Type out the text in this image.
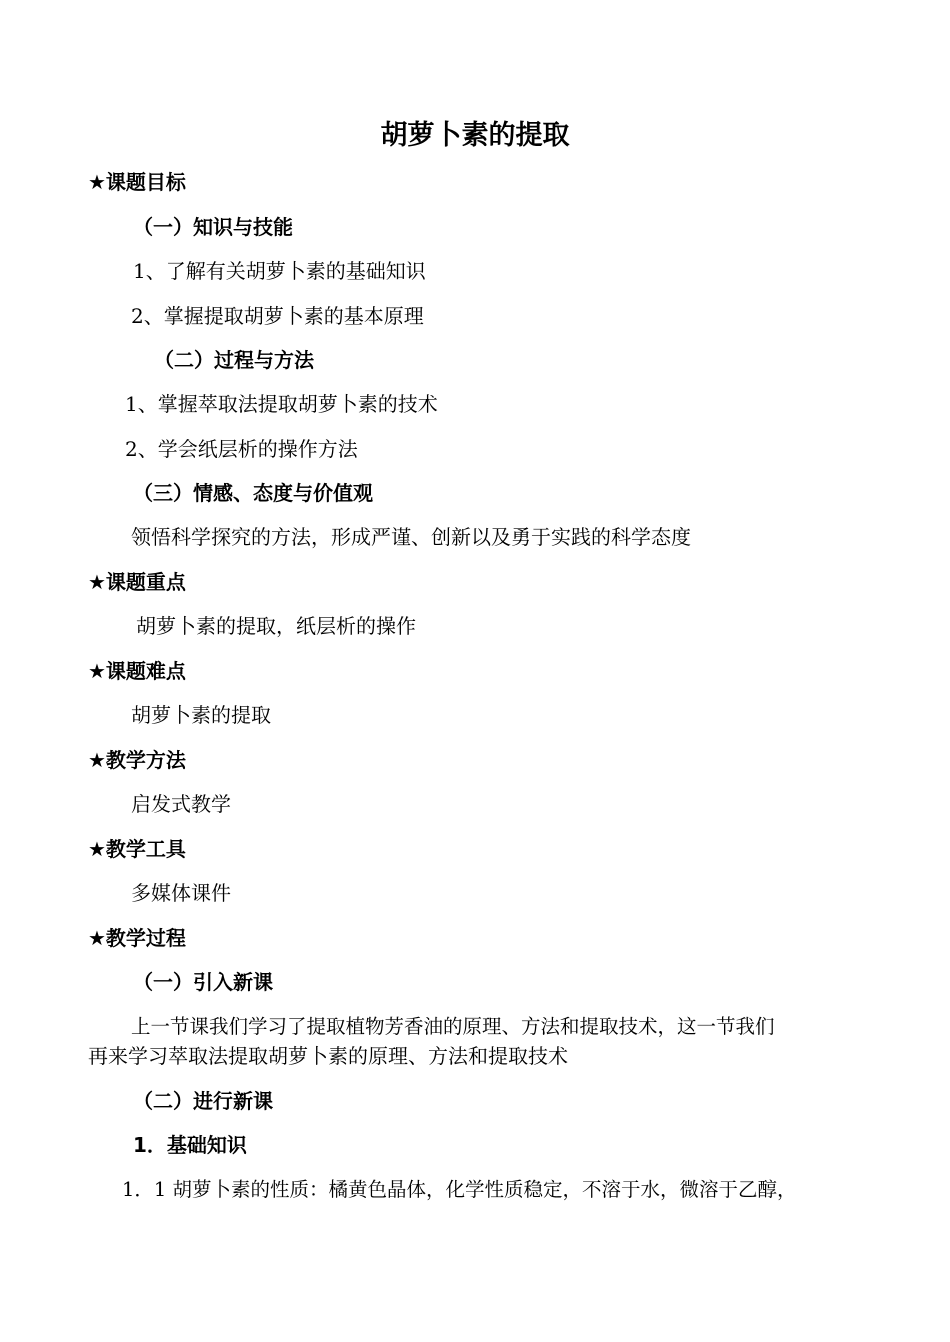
胡萝卜素的提取
★课题目标
（一）知识与技能
1、了解有关胡萝卜素的基础知识
2、掌握提取胡萝卜素的基本原理
（二）过程与方法
1、掌握萃取法提取胡萝卜素的技术
2、学会纸层析的操作方法
（三）情感、态度与价值观
领悟科学探究的方法，形成严谨、创新以及勇于实践的科学态度
★课题重点
胡萝卜素的提取，纸层析的操作
★课题难点
胡萝卜素的提取
★教学方法
启发式教学
★教学工具
多媒体课件
★教学过程
（一）引入新课
上一节课我们学习了提取植物芳香油的原理、方法和提取技术，这一节我们
再来学习萃取法提取胡萝卜素的原理、方法和提取技术
（二）进行新课
1．基础知识
1．1 胡萝卜素的性质：橘黄色晶体，化学性质稳定，不溶于水，微溶于乙醇，
